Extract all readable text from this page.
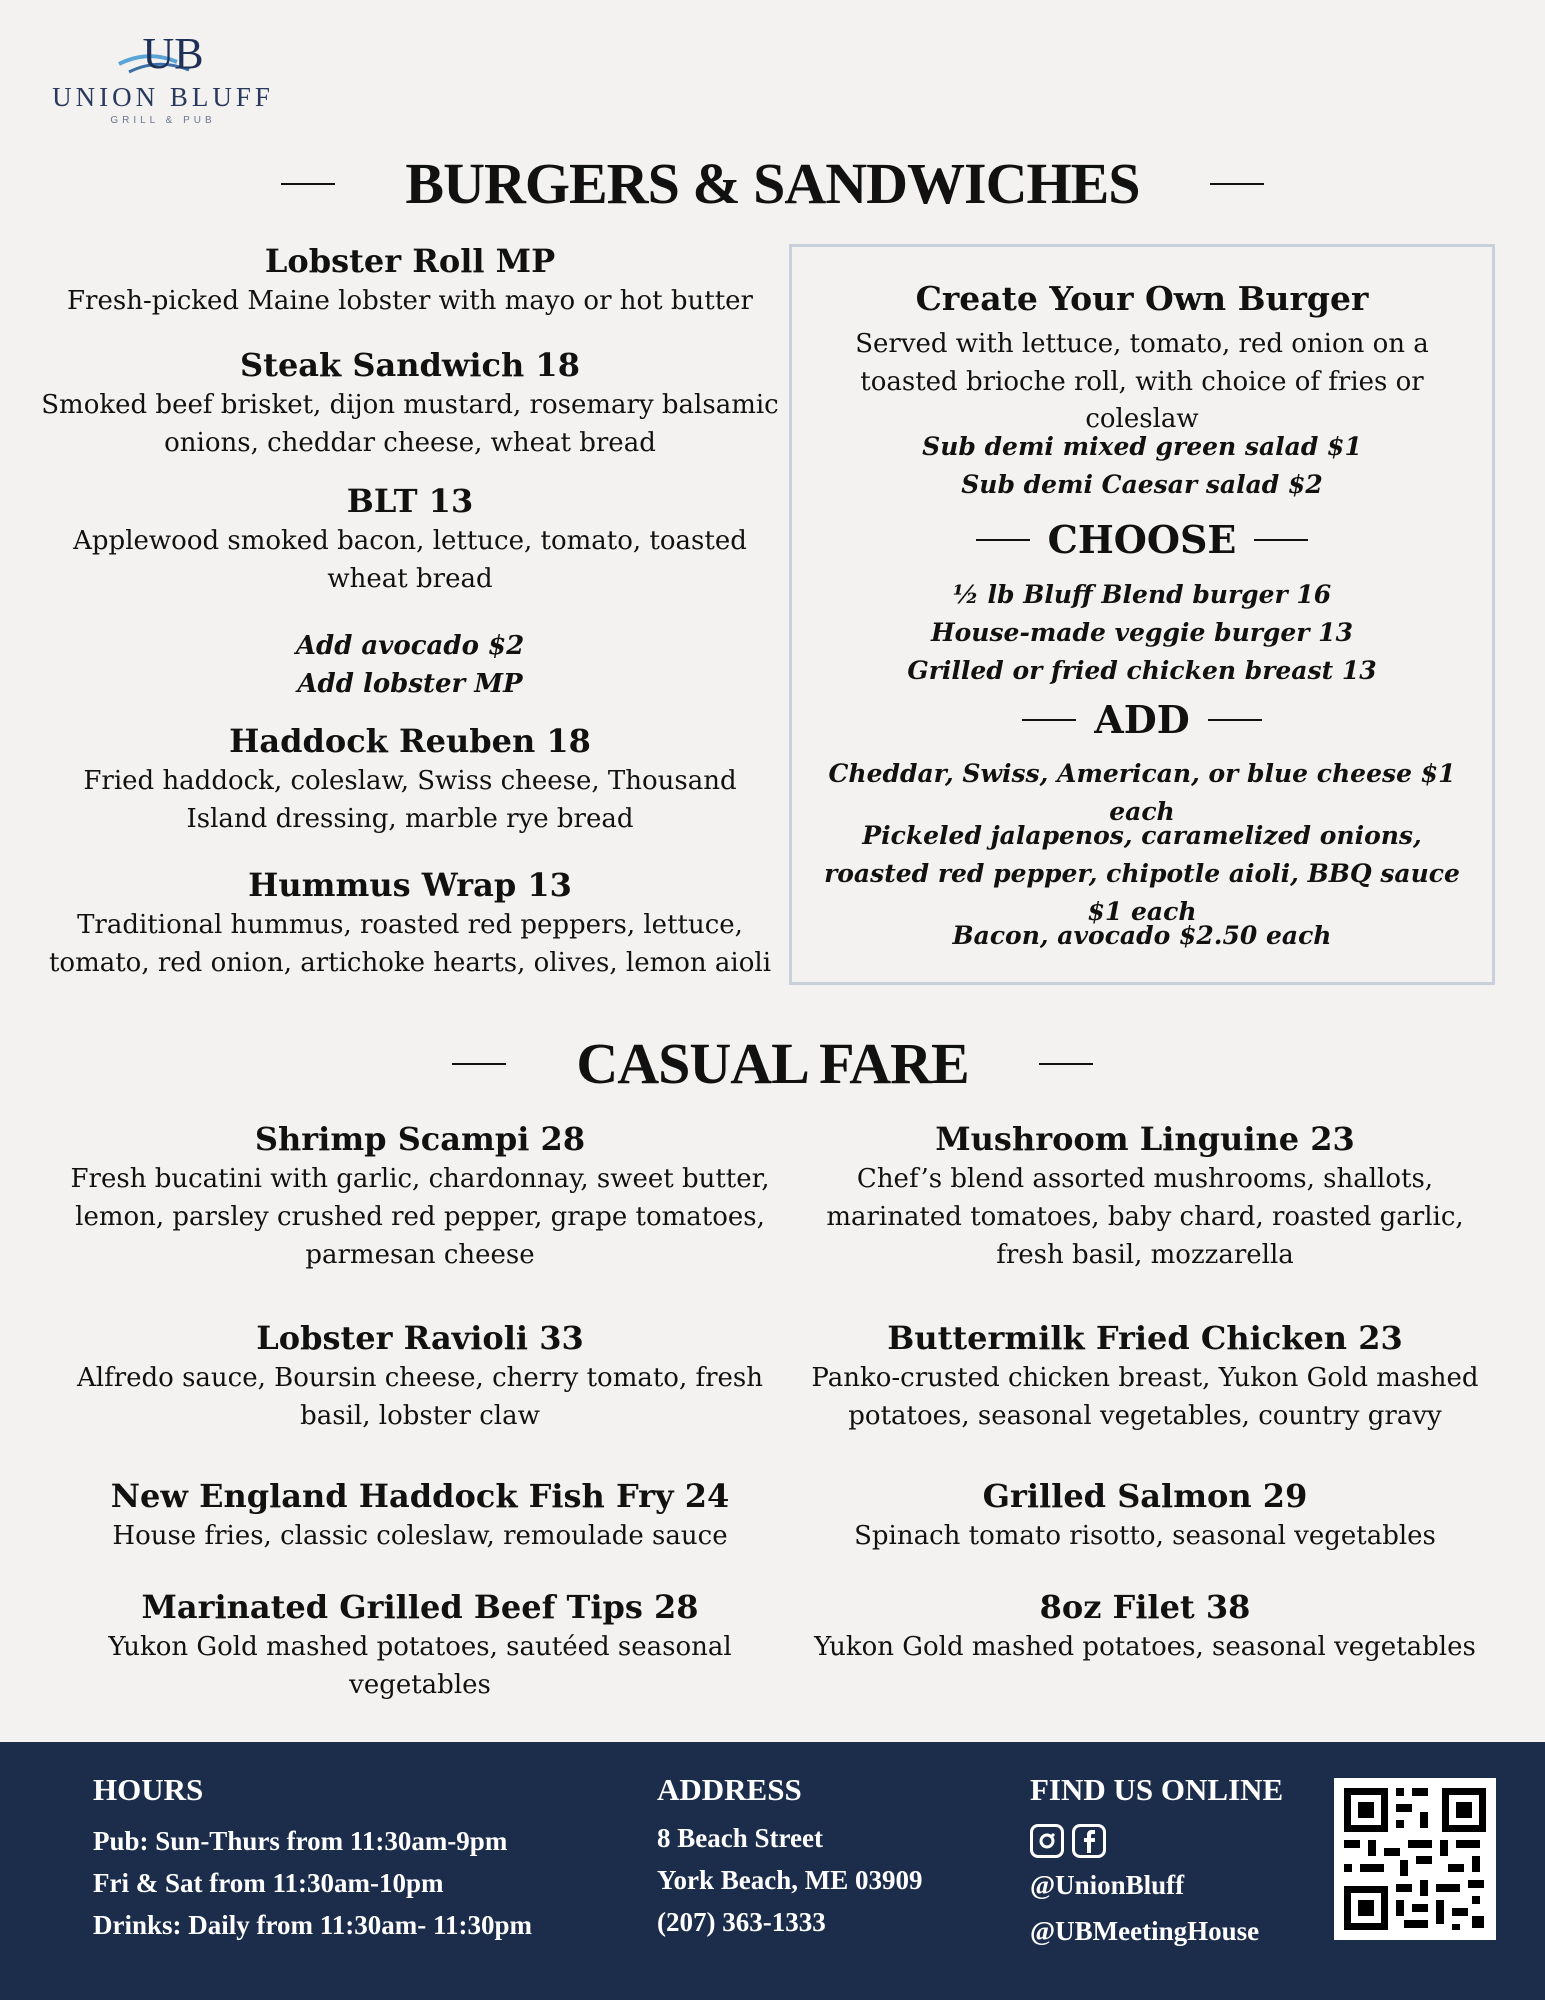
UB
UNION BLUFF
GRILL & PUB
BURGERS & SANDWICHES
Lobster Roll MP
Fresh-picked Maine lobster with mayo or hot butter
Steak Sandwich 18
Smoked beef brisket, dijon mustard, rosemary balsamic onions, cheddar cheese, wheat bread
BLT 13
Applewood smoked bacon, lettuce, tomato, toasted wheat bread
Add avocado $2
Add lobster MP
Haddock Reuben 18
Fried haddock, coleslaw, Swiss cheese, Thousand Island dressing, marble rye bread
Hummus Wrap 13
Traditional hummus, roasted red peppers, lettuce, tomato, red onion, artichoke hearts, olives, lemon aioli
Create Your Own Burger
Served with lettuce, tomato, red onion on a toasted brioche roll, with choice of fries or coleslaw
Sub demi mixed green salad $1
Sub demi Caesar salad $2
CHOOSE
½ lb Bluff Blend burger 16
House-made veggie burger 13
Grilled or fried chicken breast 13
ADD
Cheddar, Swiss, American, or blue cheese $1 each
Pickeled jalapenos, caramelized onions, roasted red pepper, chipotle aioli, BBQ sauce $1 each
Bacon, avocado $2.50 each
CASUAL FARE
Shrimp Scampi 28
Fresh bucatini with garlic, chardonnay, sweet butter, lemon, parsley crushed red pepper, grape tomatoes, parmesan cheese
Lobster Ravioli 33
Alfredo sauce, Boursin cheese, cherry tomato, fresh basil, lobster claw
New England Haddock Fish Fry 24
House fries, classic coleslaw, remoulade sauce
Marinated Grilled Beef Tips 28
Yukon Gold mashed potatoes, sautéed seasonal vegetables
Mushroom Linguine 23
Chef’s blend assorted mushrooms, shallots, marinated tomatoes, baby chard, roasted garlic, fresh basil, mozzarella
Buttermilk Fried Chicken 23
Panko-crusted chicken breast, Yukon Gold mashed potatoes, seasonal vegetables, country gravy
Grilled Salmon 29
Spinach tomato risotto, seasonal vegetables
8oz Filet 38
Yukon Gold mashed potatoes, seasonal vegetables
HOURS
Pub: Sun-Thurs from 11:30am-9pm
Fri & Sat from 11:30am-10pm
Drinks: Daily from 11:30am- 11:30pm
ADDRESS
8 Beach Street
York Beach, ME 03909
(207) 363-1333
FIND US ONLINE
@UnionBluff
@UBMeetingHouse
